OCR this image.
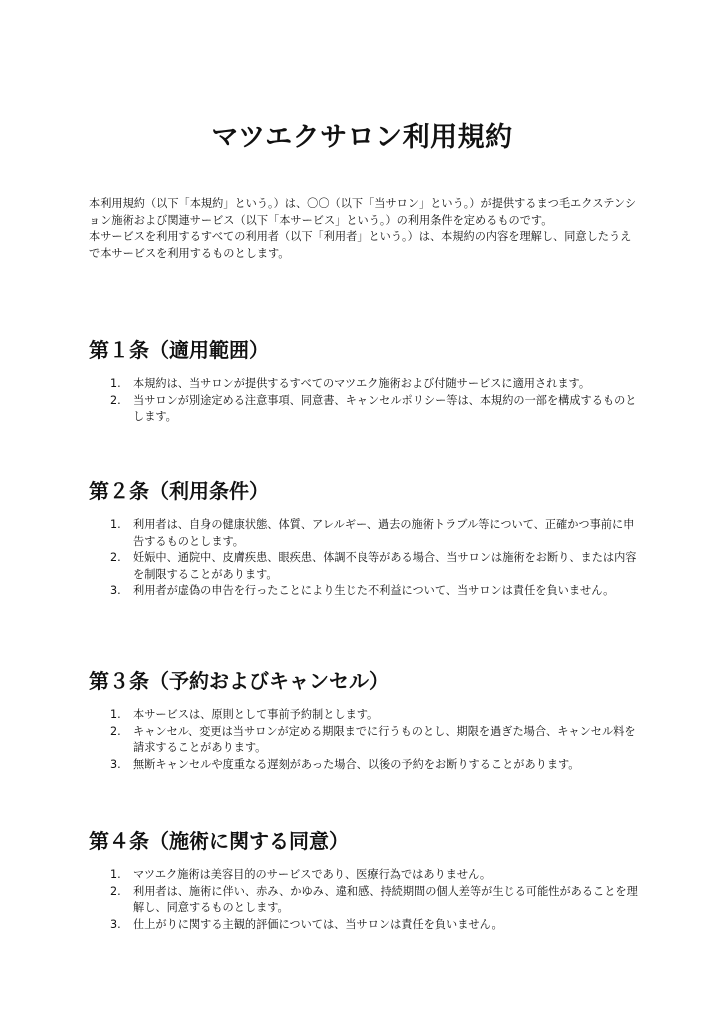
マツエクサロン利用規約

本利用規約（以下「本規約」という。）は、〇〇（以下「当サロン」という。）が提供するまつ毛エクステンション施術および関連サービス（以下「本サービス」という。）の利用条件を定めるものです。

本サービスを利用するすべての利用者（以下「利用者」という。）は、本規約の内容を理解し、同意したうえで本サービスを利用するものとします。

第１条（適用範囲）
1. 本規約は、当サロンが提供するすべてのマツエク施術および付随サービスに適用されます。
2. 当サロンが別途定める注意事項、同意書、キャンセルポリシー等は、本規約の一部を構成するものとします。
第２条（利用条件）
1. 利用者は、自身の健康状態、体質、アレルギー、過去の施術トラブル等について、正確かつ事前に申告するものとします。
2. 妊娠中、通院中、皮膚疾患、眼疾患、体調不良等がある場合、当サロンは施術をお断り、または内容を制限することがあります。
3. 利用者が虚偽の申告を行ったことにより生じた不利益について、当サロンは責任を負いません。
第３条（予約およびキャンセル）
1. 本サービスは、原則として事前予約制とします。
2. キャンセル、変更は当サロンが定める期限までに行うものとし、期限を過ぎた場合、キャンセル料を請求することがあります。
3. 無断キャンセルや度重なる遅刻があった場合、以後の予約をお断りすることがあります。
第４条（施術に関する同意）
1. マツエク施術は美容目的のサービスであり、医療行為ではありません。
2. 利用者は、施術に伴い、赤み、かゆみ、違和感、持続期間の個人差等が生じる可能性があることを理解し、同意するものとします。
3. 仕上がりに関する主観的評価については、当サロンは責任を負いません。
